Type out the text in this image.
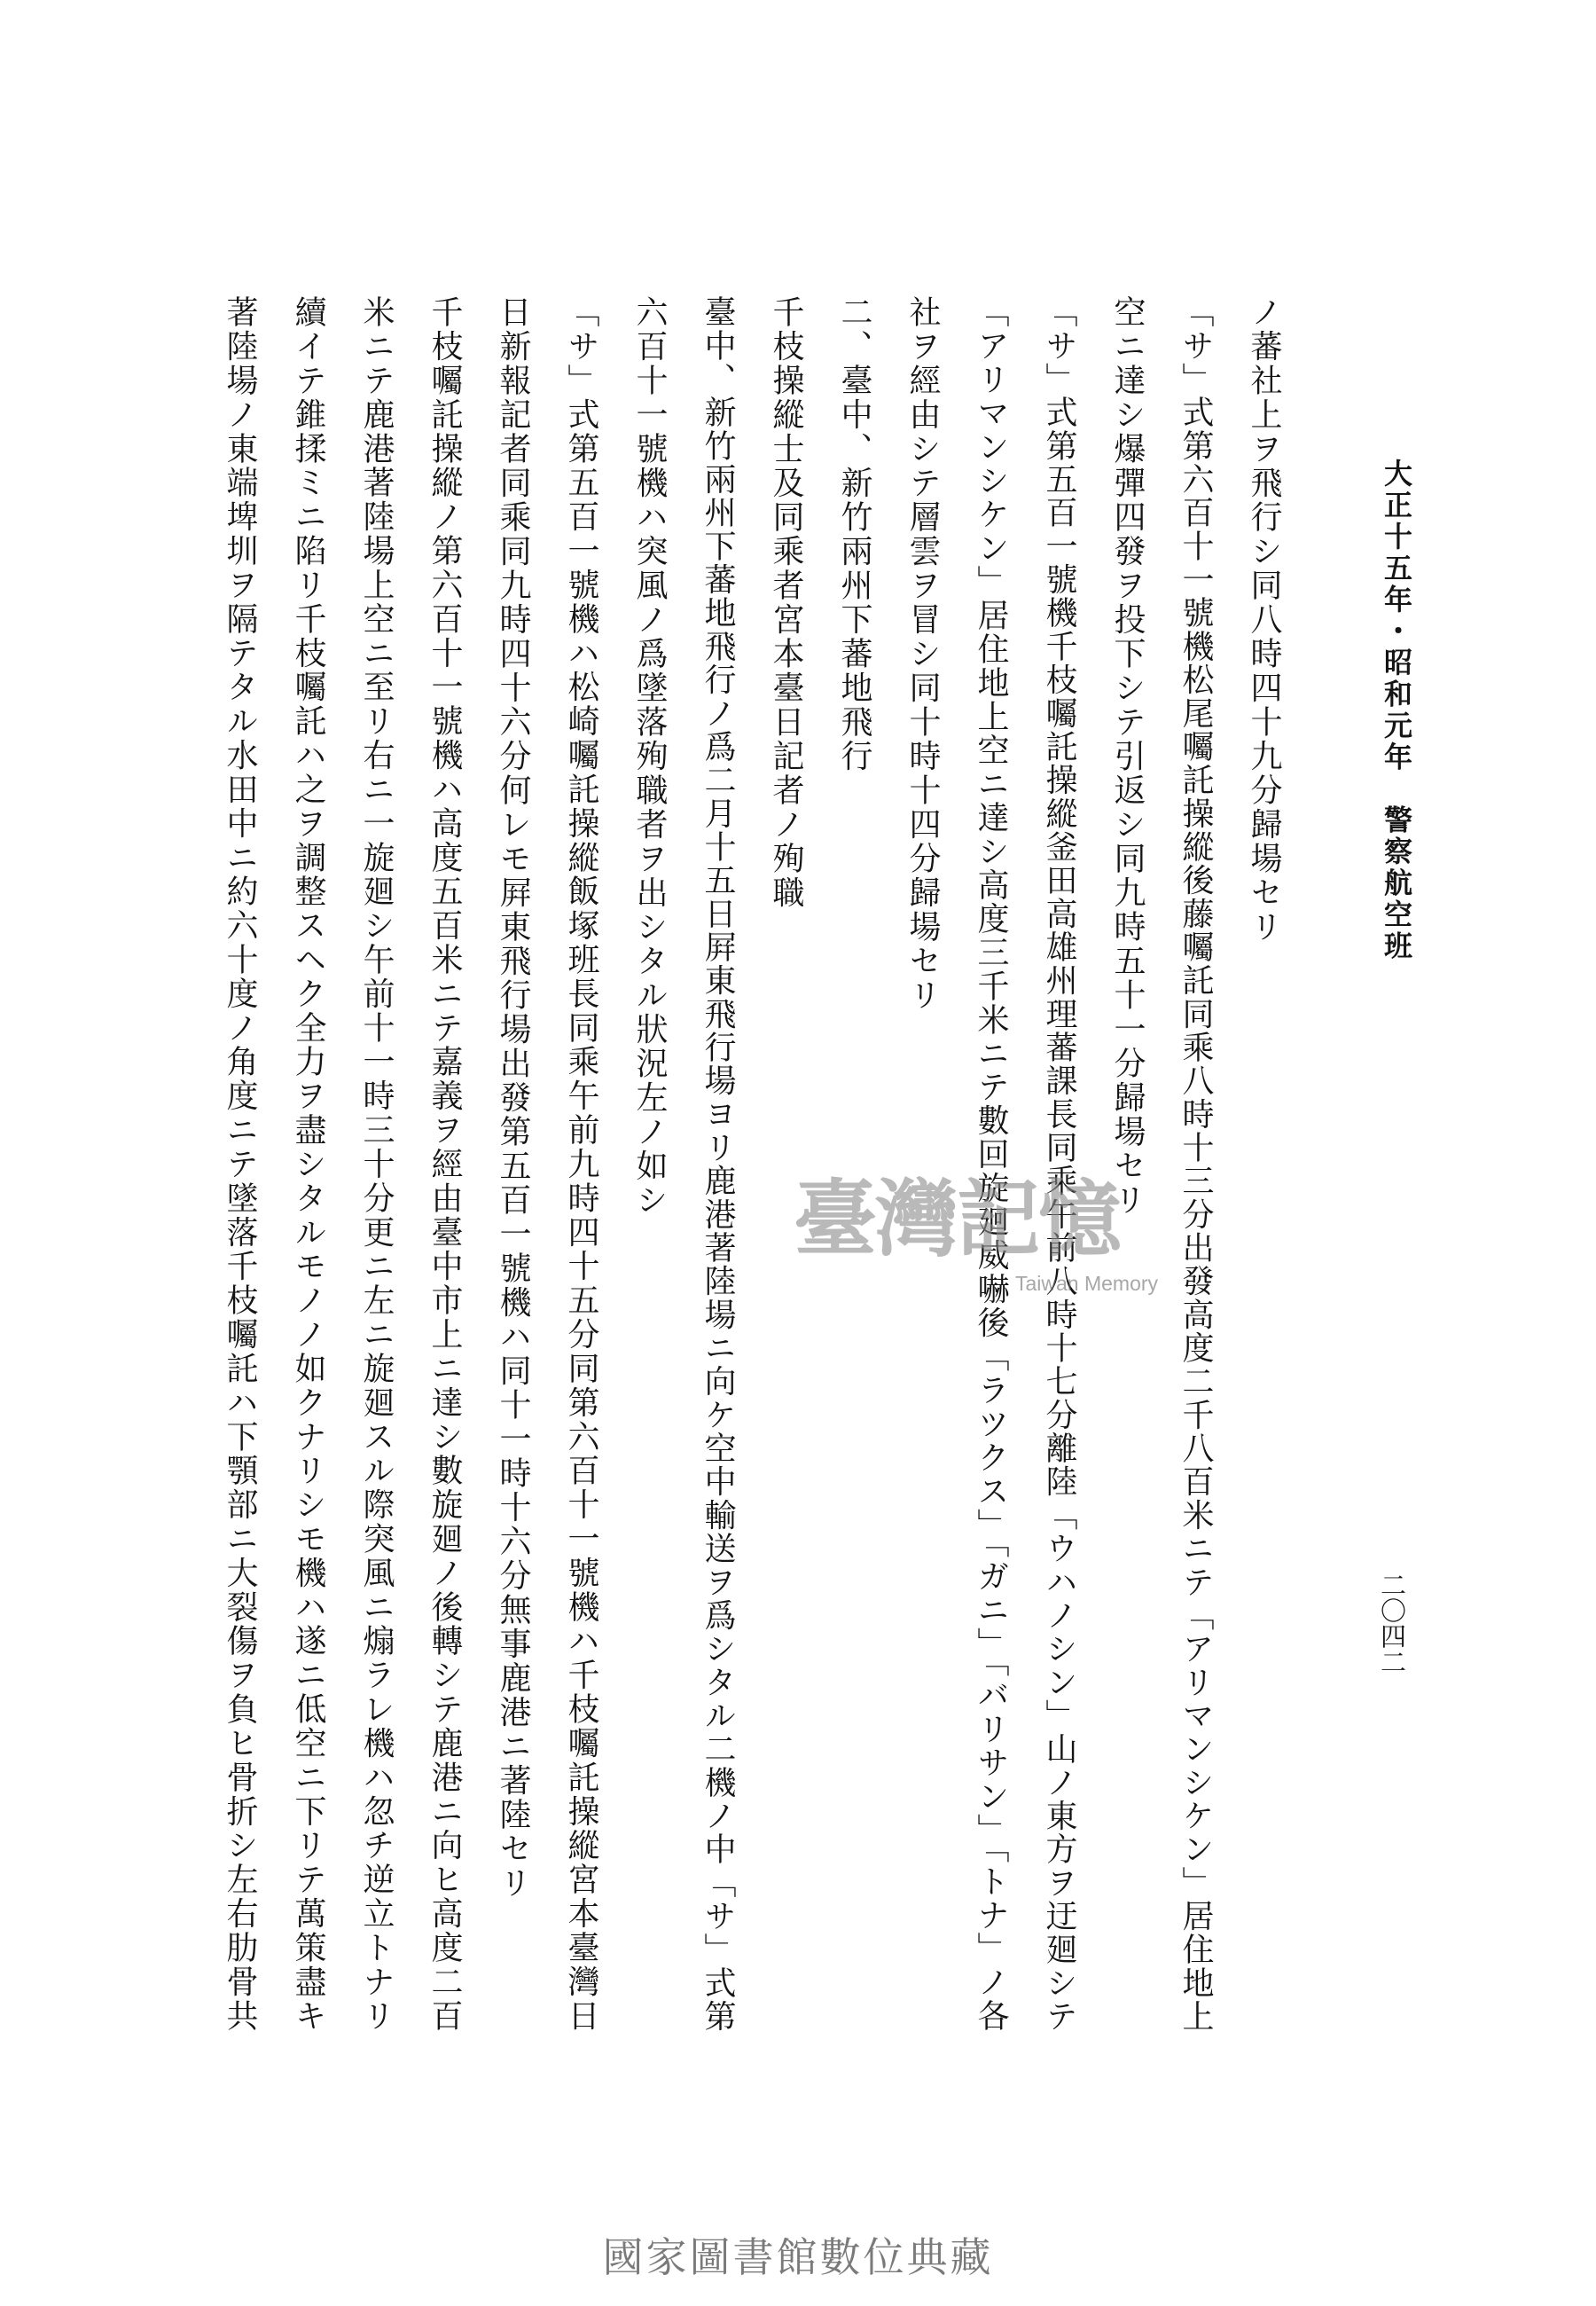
大正十五年・昭和元年　警察航空班
二〇四二
ノ蕃社上ヲ飛行シ同八時四十九分歸場セリ
「サ」式第六百十一號機松尾囑託操縱後藤囑託同乘八時十三分出發高度二千八百米ニテ「アリマンシケン」居住地上
空ニ達シ爆彈四發ヲ投下シテ引返シ同九時五十一分歸場セリ
「サ」式第五百一號機千枝囑託操縱釜田高雄州理蕃課長同乘午前八時十七分離陸「ウハノシン」山ノ東方ヲ迂廻シテ
「アリマンシケン」居住地上空ニ達シ高度三千米ニテ數回旋廻威嚇後「ラツクス」「ガニ」「バリサン」「トナ」ノ各
社ヲ經由シテ層雲ヲ冒シ同十時十四分歸場セリ
二、臺中、新竹兩州下蕃地飛行
千枝操縱士及同乘者宮本臺日記者ノ殉職
臺中、新竹兩州下蕃地飛行ノ爲二月十五日屛東飛行場ヨリ鹿港著陸場ニ向ケ空中輸送ヲ爲シタル二機ノ中「サ」式第
六百十一號機ハ突風ノ爲墜落殉職者ヲ出シタル狀況左ノ如シ
「サ」式第五百一號機ハ松崎囑託操縱飯塚班長同乘午前九時四十五分同第六百十一號機ハ千枝囑託操縱宮本臺灣日
日新報記者同乘同九時四十六分何レモ屛東飛行場出發第五百一號機ハ同十一時十六分無事鹿港ニ著陸セリ
千枝囑託操縱ノ第六百十一號機ハ高度五百米ニテ嘉義ヲ經由臺中市上ニ達シ數旋廻ノ後轉シテ鹿港ニ向ヒ高度二百
米ニテ鹿港著陸場上空ニ至リ右ニ一旋廻シ午前十一時三十分更ニ左ニ旋廻スル際突風ニ煽ラレ機ハ忽チ逆立トナリ
續イテ錐揉ミニ陷リ千枝囑託ハ之ヲ調整スヘク全力ヲ盡シタルモノノ如クナリシモ機ハ遂ニ低空ニ下リテ萬策盡キ
著陸場ノ東端埤圳ヲ隔テタル水田中ニ約六十度ノ角度ニテ墜落千枝囑託ハ下顎部ニ大裂傷ヲ負ヒ骨折シ左右肋骨共	臺灣記憶
Taiwan Memory
國家圖書館數位典藏
